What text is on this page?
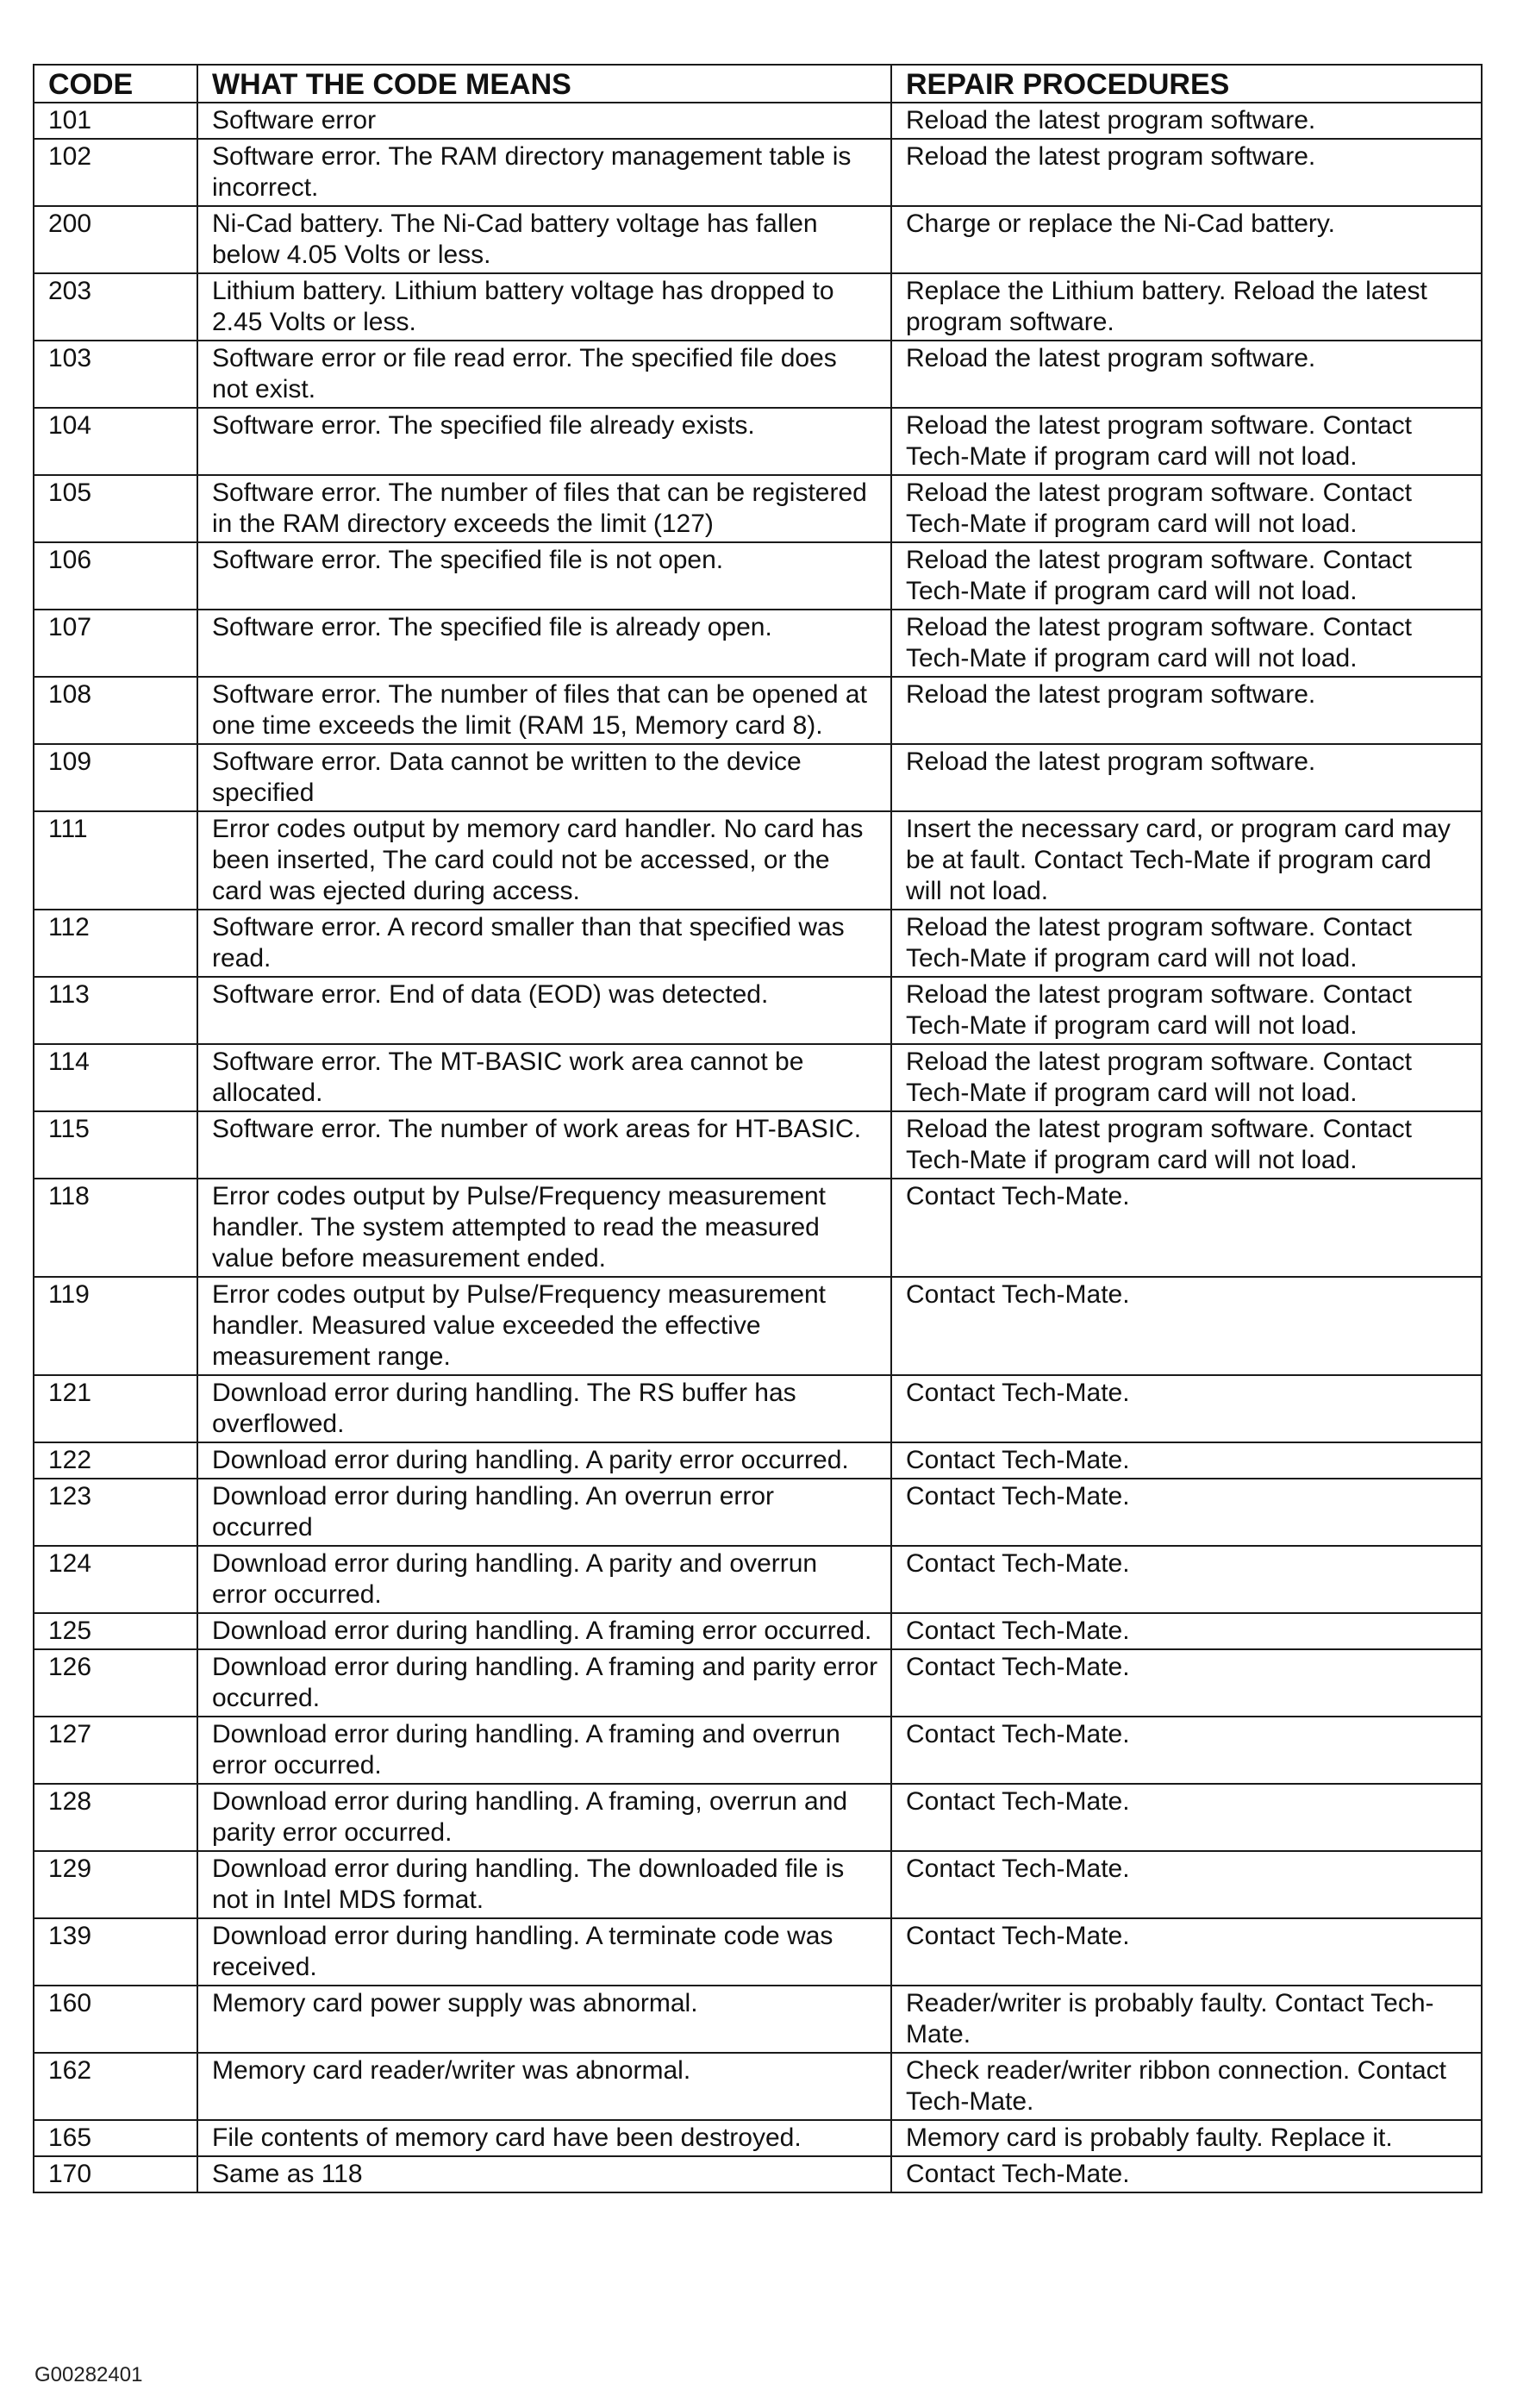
CODE	WHAT THE CODE MEANS	REPAIR PROCEDURES
101	Software error	Reload the latest program software.
102	Software error. The RAM directory management table is incorrect.	Reload the latest program software.
200	Ni-Cad battery. The Ni-Cad battery voltage has fallen below 4.05 Volts or less.	Charge or replace the Ni-Cad battery.
203	Lithium battery. Lithium battery voltage has dropped to 2.45 Volts or less.	Replace the Lithium battery. Reload the latest program software.
103	Software error or file read error. The specified file does not exist.	Reload the latest program software.
104	Software error. The specified file already exists.	Reload the latest program software. Contact Tech-Mate if program card will not load.
105	Software error. The number of files that can be registered in the RAM directory exceeds the limit (127)	Reload the latest program software. Contact Tech-Mate if program card will not load.
106	Software error. The specified file is not open.	Reload the latest program software. Contact Tech-Mate if program card will not load.
107	Software error. The specified file is already open.	Reload the latest program software. Contact Tech-Mate if program card will not load.
108	Software error. The number of files that can be opened at one time exceeds the limit (RAM 15, Memory card 8).	Reload the latest program software.
109	Software error. Data cannot be written to the device specified	Reload the latest program software.
111	Error codes output by memory card handler. No card has been inserted, The card could not be accessed, or the card was ejected during access.	Insert the necessary card, or program card may be at fault. Contact Tech-Mate if program card will not load.
112	Software error. A record smaller than that specified was read.	Reload the latest program software. Contact Tech-Mate if program card will not load.
113	Software error. End of data (EOD) was detected.	Reload the latest program software. Contact Tech-Mate if program card will not load.
114	Software error. The MT-BASIC work area cannot be allocated.	Reload the latest program software. Contact Tech-Mate if program card will not load.
115	Software error. The number of work areas for HT-BASIC.	Reload the latest program software. Contact Tech-Mate if program card will not load.
118	Error codes output by Pulse/Frequency measurement handler. The system attempted to read the measured value before measurement ended.	Contact Tech-Mate.
119	Error codes output by Pulse/Frequency measurement handler. Measured value exceeded the effective measurement range.	Contact Tech-Mate.
121	Download error during handling. The RS buffer has overflowed.	Contact Tech-Mate.
122	Download error during handling. A parity error occurred.	Contact Tech-Mate.
123	Download error during handling. An overrun error occurred	Contact Tech-Mate.
124	Download error during handling. A parity and overrun error occurred.	Contact Tech-Mate.
125	Download error during handling. A framing error occurred.	Contact Tech-Mate.
126	Download error during handling. A framing and parity error occurred.	Contact Tech-Mate.
127	Download error during handling. A framing and overrun error occurred.	Contact Tech-Mate.
128	Download error during handling. A framing, overrun and parity error occurred.	Contact Tech-Mate.
129	Download error during handling. The downloaded file is not in Intel MDS format.	Contact Tech-Mate.
139	Download error during handling. A terminate code was received.	Contact Tech-Mate.
160	Memory card power supply was abnormal.	Reader/writer is probably faulty. Contact Tech-Mate.
162	Memory card reader/writer was abnormal.	Check reader/writer ribbon connection. Contact Tech-Mate.
165	File contents of memory card have been destroyed.	Memory card is probably faulty. Replace it.
170	Same as 118	Contact Tech-Mate.
G00282401
